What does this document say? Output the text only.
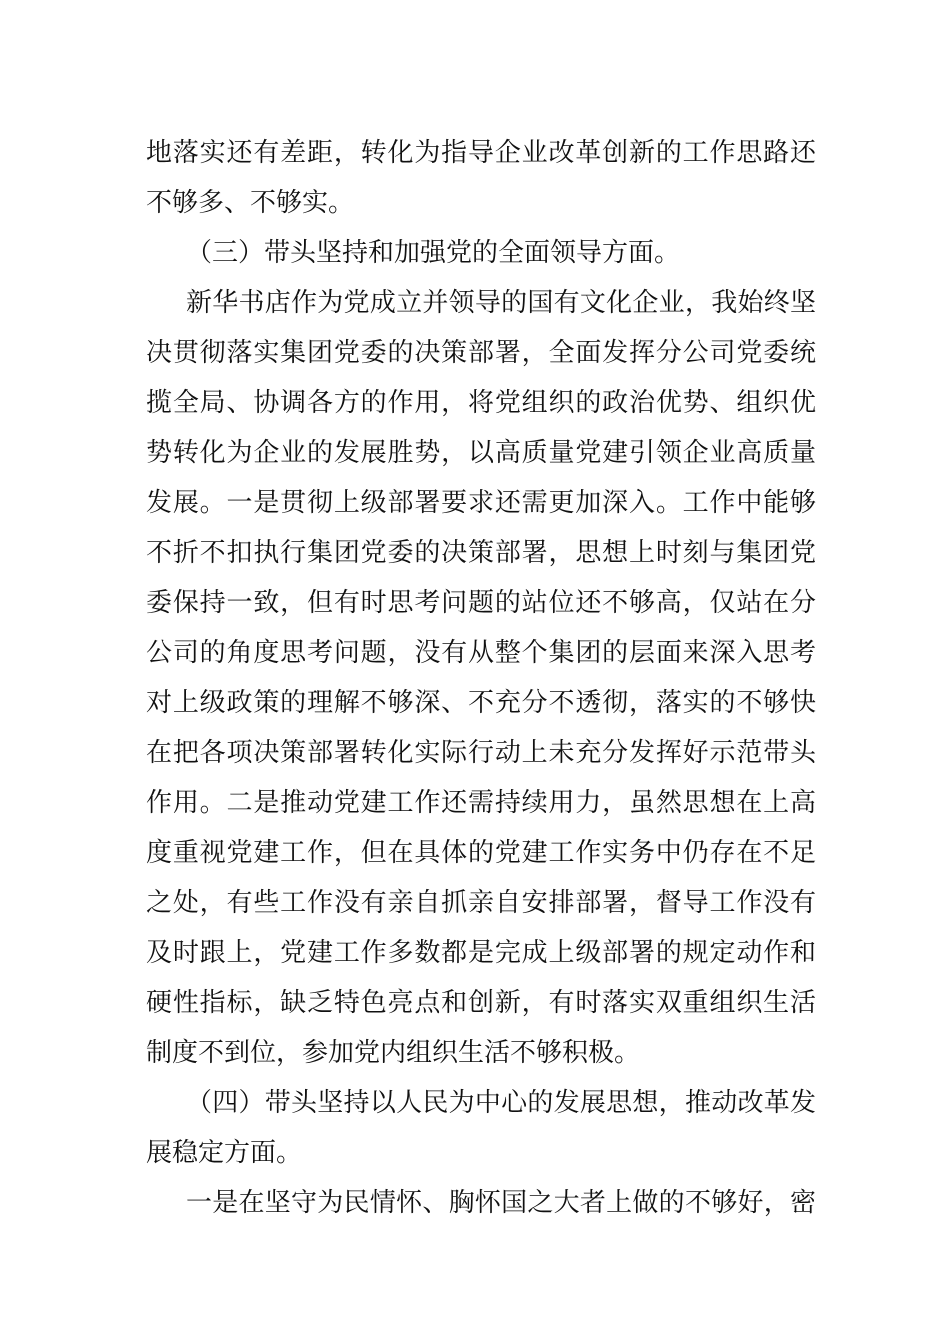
地落实还有差距，转化为指导企业改革创新的工作思路还
不够多、不够实。
（三）带头坚持和加强党的全面领导方面。
新华书店作为党成立并领导的国有文化企业，我始终坚
决贯彻落实集团党委的决策部署，全面发挥分公司党委统
揽全局、协调各方的作用，将党组织的政治优势、组织优
势转化为企业的发展胜势，以高质量党建引领企业高质量
发展。一是贯彻上级部署要求还需更加深入。工作中能够
不折不扣执行集团党委的决策部署，思想上时刻与集团党
委保持一致，但有时思考问题的站位还不够高，仅站在分
公司的角度思考问题，没有从整个集团的层面来深入思考
对上级政策的理解不够深、不充分不透彻，落实的不够快
在把各项决策部署转化实际行动上未充分发挥好示范带头
作用。二是推动党建工作还需持续用力，虽然思想在上高
度重视党建工作，但在具体的党建工作实务中仍存在不足
之处，有些工作没有亲自抓亲自安排部署，督导工作没有
及时跟上，党建工作多数都是完成上级部署的规定动作和
硬性指标，缺乏特色亮点和创新，有时落实双重组织生活
制度不到位，参加党内组织生活不够积极。
（四）带头坚持以人民为中心的发展思想，推动改革发
展稳定方面。
一是在坚守为民情怀、胸怀国之大者上做的不够好，密
